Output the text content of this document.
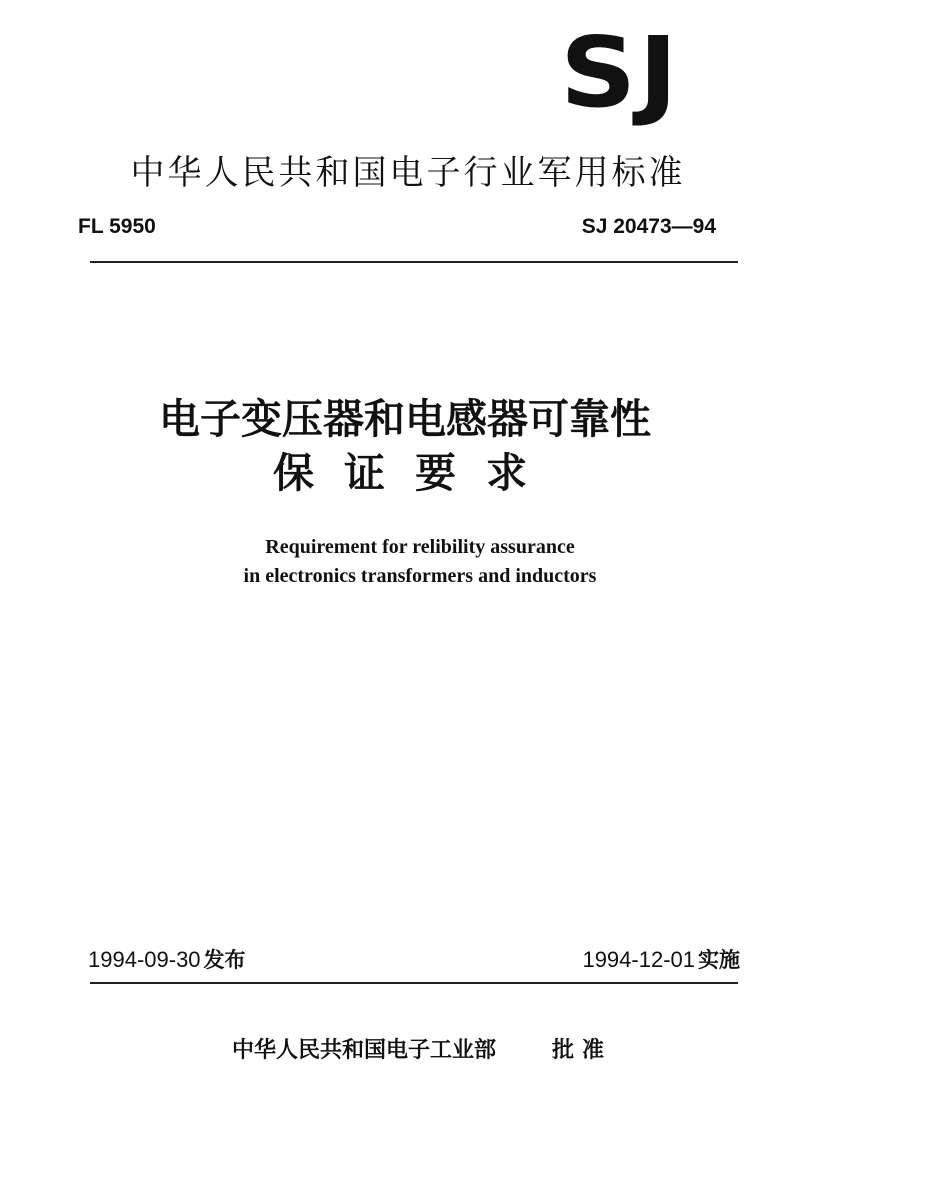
SJ
中华人民共和国电子行业军用标准
FL 5950	SJ 20473—94
电子变压器和电感器可靠性
保证要求
Requirement for relibility assurance
in electronics transformers and inductors
1994-09-30 发布	1994-12-01 实施
中华人民共和国电子工业部	批准
